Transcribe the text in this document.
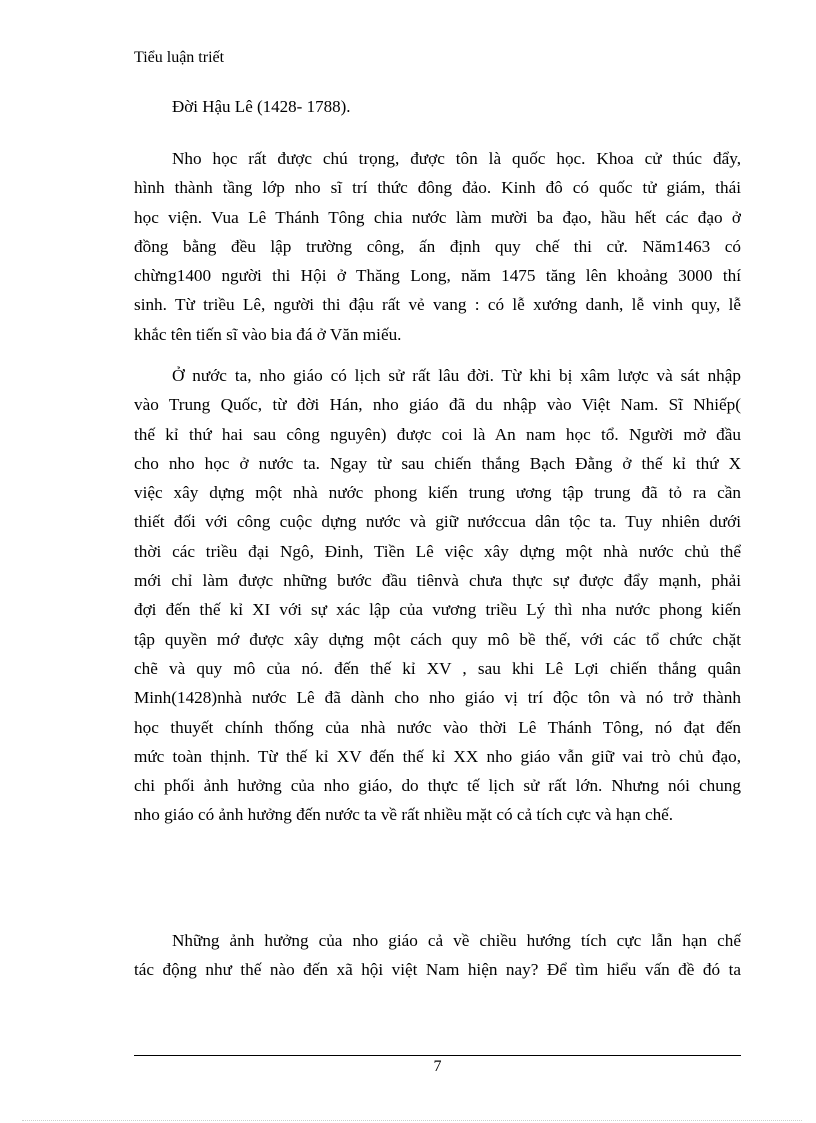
Tiểu luận triết
Đời Hậu Lê (1428- 1788).
Nho học rất được chú trọng, được tôn là quốc học. Khoa cử thúc đẩy,
hình thành tầng lớp nho sĩ trí thức đông đảo. Kinh đô có quốc tử giám, thái
học viện. Vua Lê Thánh Tông chia nước làm mười ba đạo, hầu hết các đạo ở
đồng bằng đều lập trường công, ấn định quy chế thi cử. Năm1463 có
chừng1400 người thi Hội ở Thăng Long, năm 1475 tăng lên khoảng 3000 thí
sinh. Từ triều Lê, người thi đậu rất vẻ vang : có lễ xướng danh, lễ vinh quy, lễ
khắc tên tiến sĩ vào bia đá ở Văn miếu.
Ở nước ta, nho giáo có lịch sử rất lâu đời. Từ khi bị xâm lược và sát nhập
vào Trung Quốc, từ đời Hán, nho giáo đã du nhập vào Việt Nam. Sĩ Nhiếp(
thế kỉ thứ hai sau công nguyên) được coi là An nam học tổ. Người mở đầu
cho nho học ở nước ta. Ngay từ sau chiến thắng Bạch Đằng ở thế kỉ thứ X
việc xây dựng một nhà nước phong kiến trung ương tập trung đã tỏ ra cần
thiết đối với công cuộc dựng nước và giữ nướccua dân tộc ta. Tuy nhiên dưới
thời các triều đại Ngô, Đinh, Tiền Lê việc xây dựng một nhà nước chủ thể
mới chỉ làm được những bước đầu tiênvà chưa thực sự được đẩy mạnh, phải
đợi đến thế kỉ XI với sự xác lập của vương triều Lý thì nha nước phong kiến
tập quyền mớ được xây dựng một cách quy mô bề thế, với các tổ chức chặt
chẽ và quy mô của nó. đến thế kỉ XV , sau khi Lê Lợi chiến thắng quân
Minh(1428)nhà nước Lê đã dành cho nho giáo vị trí độc tôn và nó trở thành
học thuyết chính thống của nhà nước vào thời Lê Thánh Tông, nó đạt đến
mức toàn thịnh. Từ thế kỉ XV đến thế kỉ XX nho giáo vẫn giữ vai trò chủ đạo,
chi phối ảnh hưởng của nho giáo, do thực tế lịch sử rất lớn. Nhưng nói chung
nho giáo có ảnh hưởng đến nước ta về rất nhiều mặt có cả tích cực và hạn chế.
Những ảnh hưởng của nho giáo cả về chiều hướng tích cực lẫn hạn chế
tác động như thế nào đến xã hội việt Nam hiện nay? Để tìm hiểu vấn đề đó ta
7
